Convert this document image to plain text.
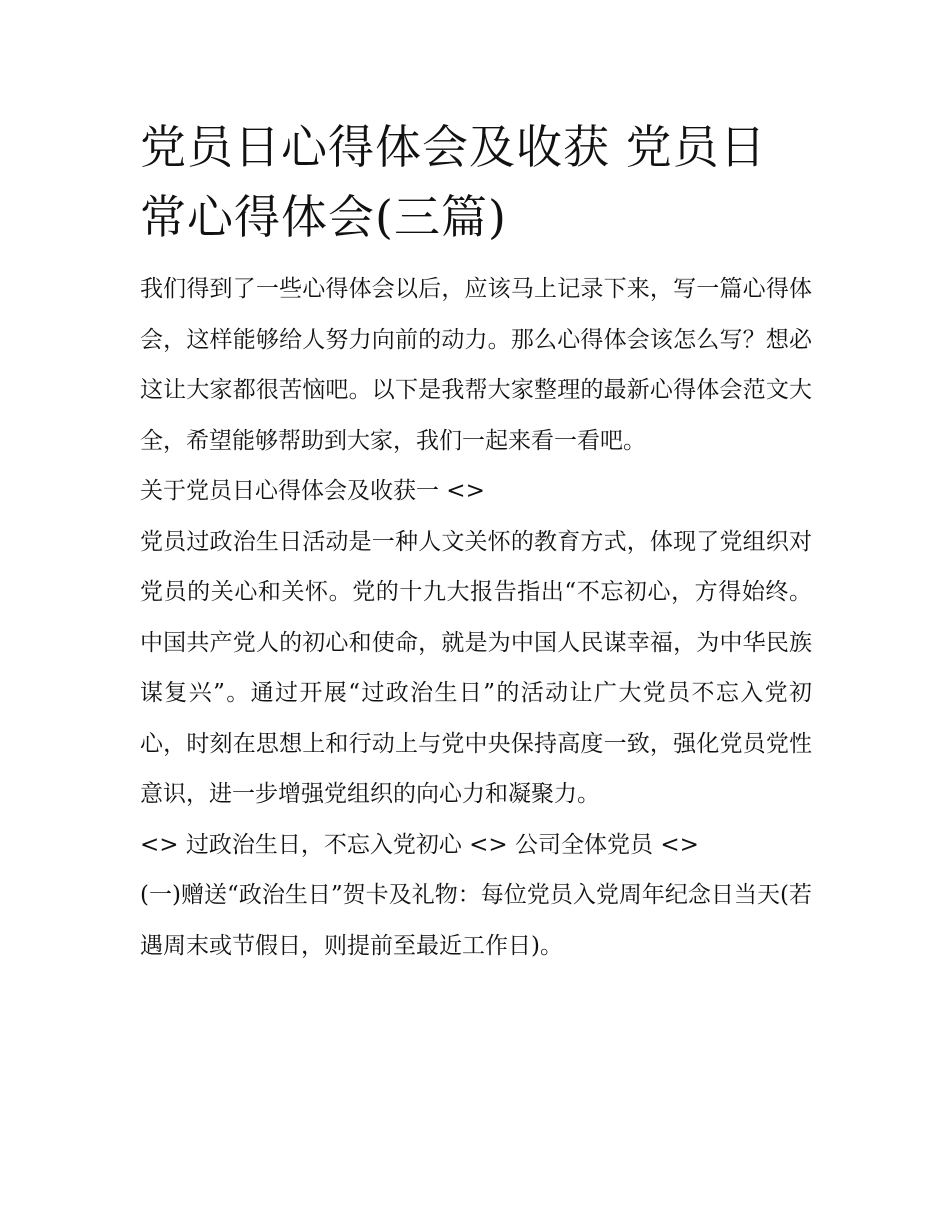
党员日心得体会及收获 党员日常心得体会(三篇)

我们得到了一些心得体会以后，应该马上记录下来，写一篇心得体会，这样能够给人努力向前的动力。那么心得体会该怎么写？想必这让大家都很苦恼吧。以下是我帮大家整理的最新心得体会范文大全，希望能够帮助到大家，我们一起来看一看吧。

关于党员日心得体会及收获一 <>

党员过政治生日活动是一种人文关怀的教育方式，体现了党组织对党员的关心和关怀。党的十九大报告指出“不忘初心，方得始终。中国共产党人的初心和使命，就是为中国人民谋幸福，为中华民族谋复兴”。通过开展“过政治生日”的活动让广大党员不忘入党初心，时刻在思想上和行动上与党中央保持高度一致，强化党员党性意识，进一步增强党组织的向心力和凝聚力。

<> 过政治生日，不忘入党初心 <> 公司全体党员 <>

(一)赠送“政治生日”贺卡及礼物：每位党员入党周年纪念日当天(若遇周末或节假日，则提前至最近工作日)。
